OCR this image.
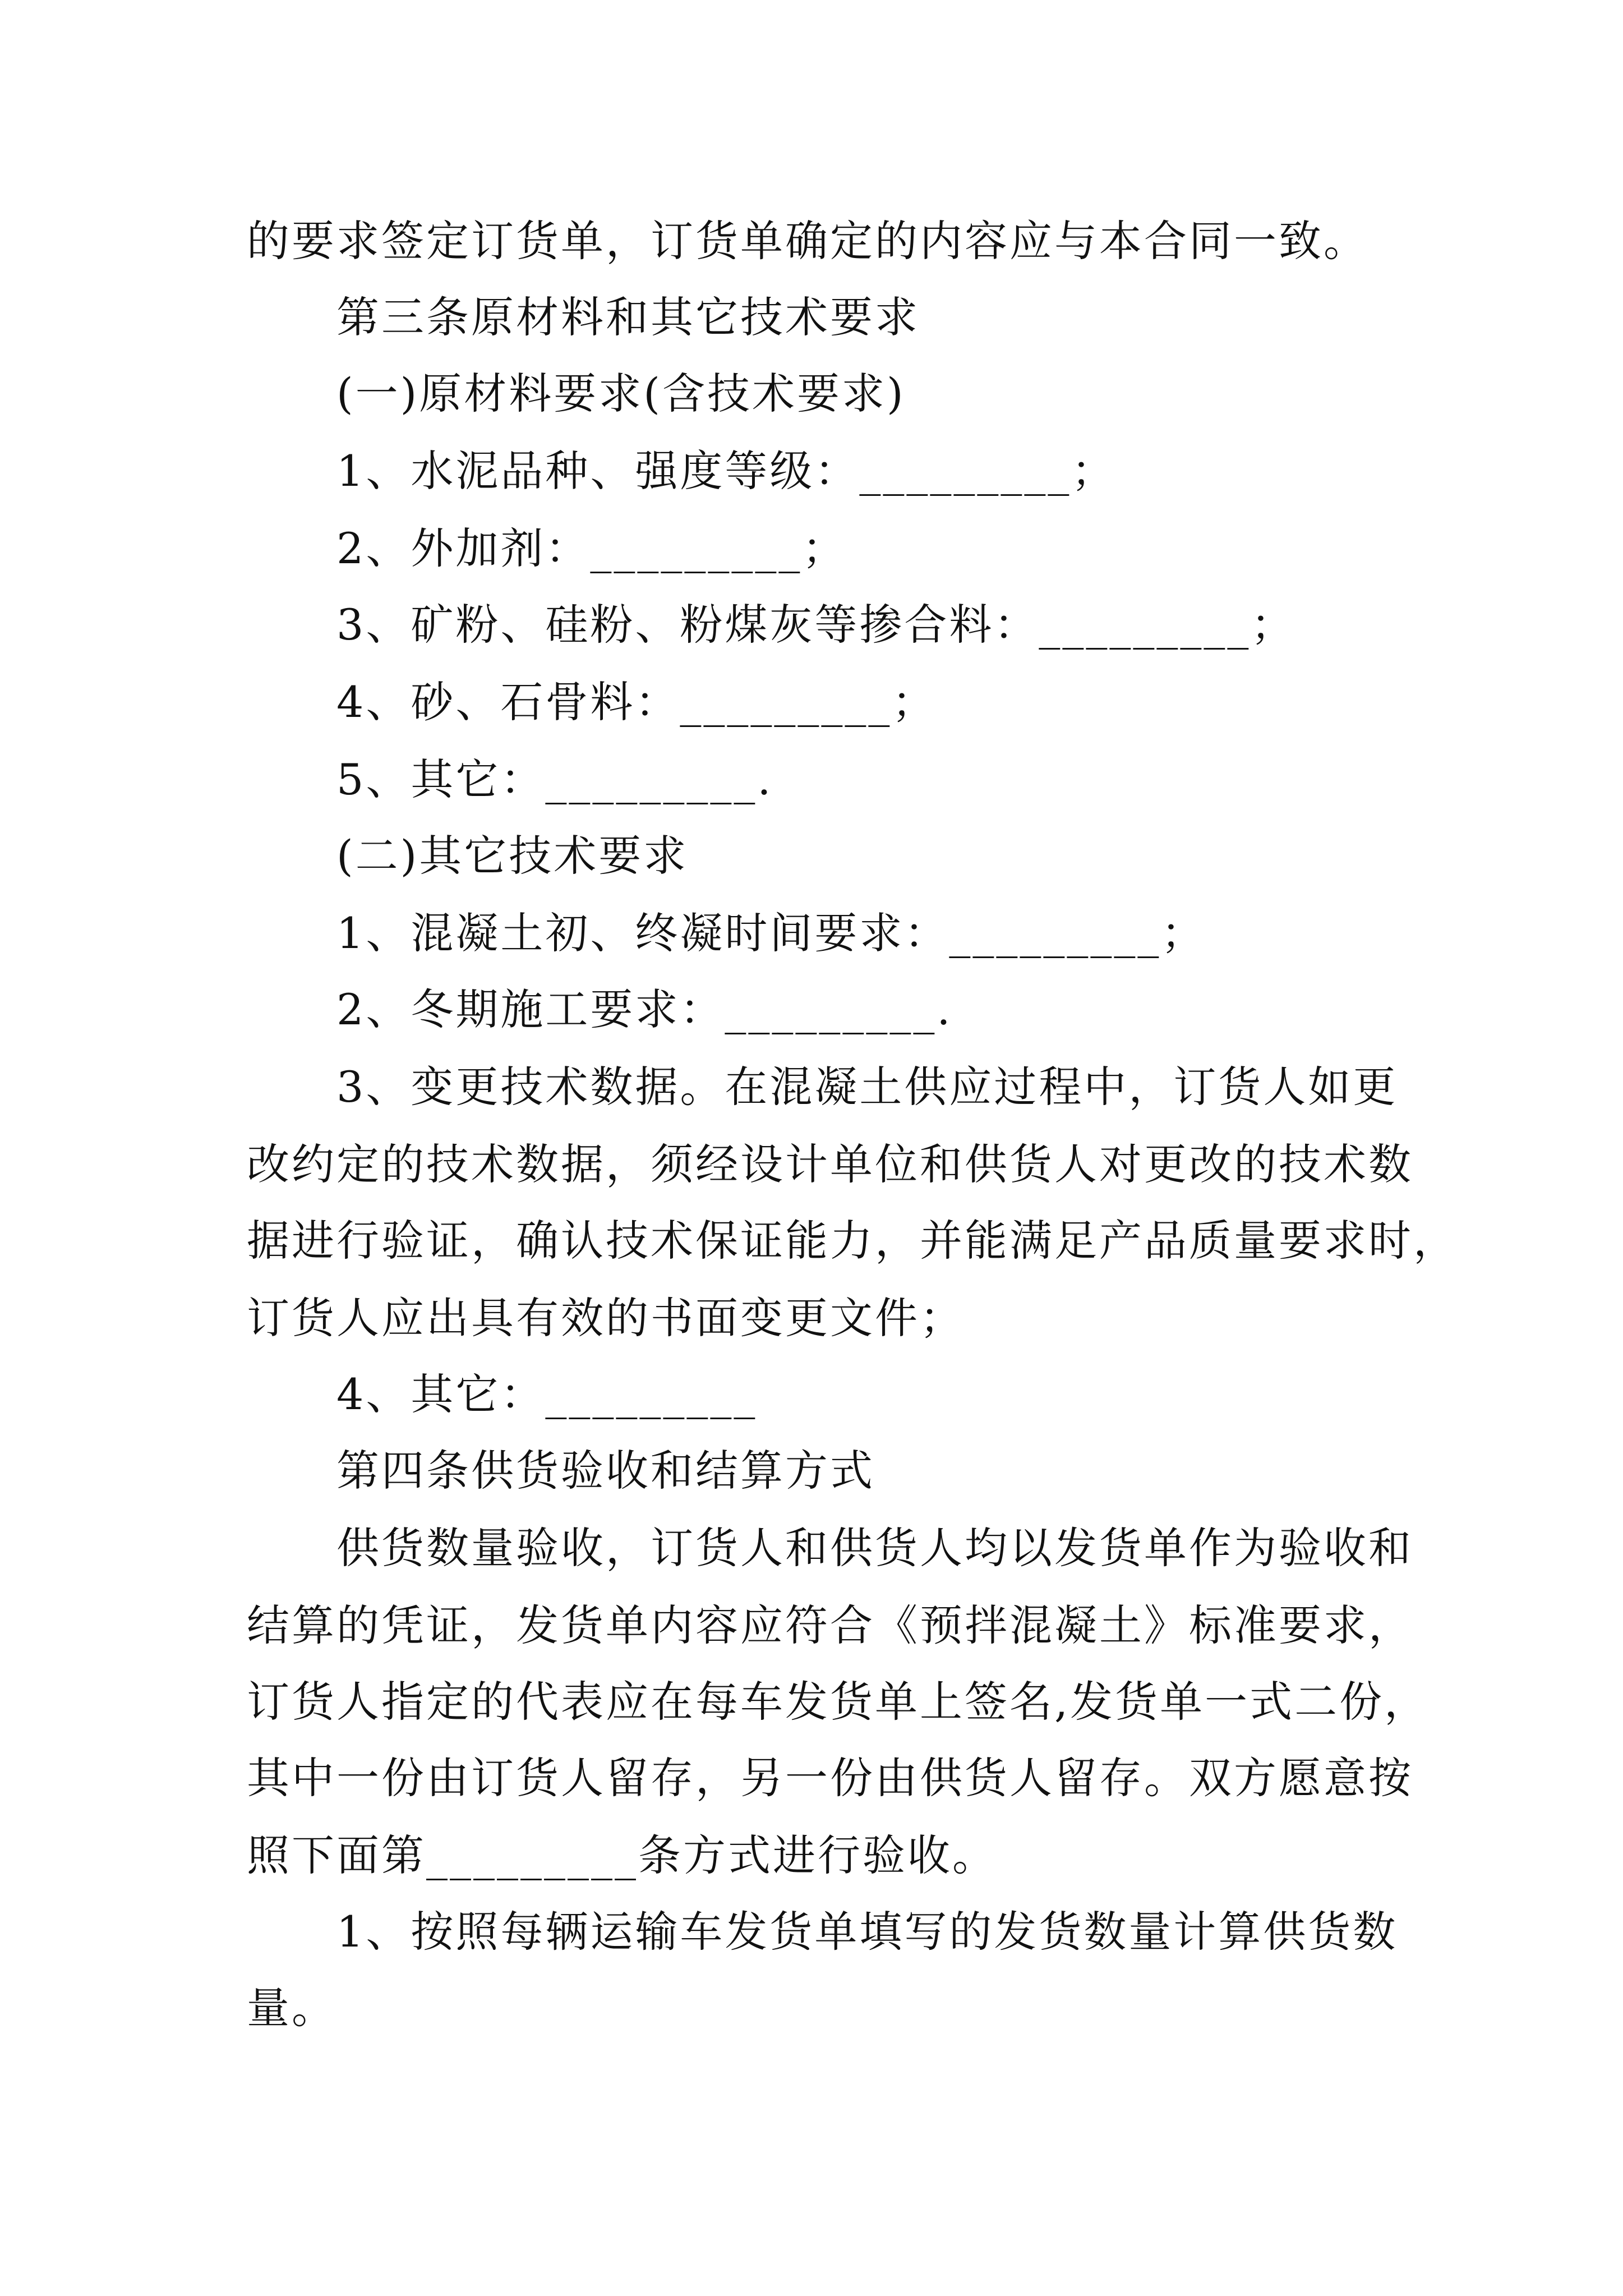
的要求签定订货单，订货单确定的内容应与本合同一致。
第三条原材料和其它技术要求
(一)原材料要求(含技术要求)
1、水泥品种、强度等级：_________；
2、外加剂：_________；
3、矿粉、硅粉、粉煤灰等掺合料：_________；
4、砂、石骨料：_________；
5、其它：_________.
(二)其它技术要求
1、混凝土初、终凝时间要求：_________；
2、冬期施工要求：_________.
3、变更技术数据。在混凝土供应过程中，订货人如更
改约定的技术数据，须经设计单位和供货人对更改的技术数
据进行验证，确认技术保证能力，并能满足产品质量要求时，
订货人应出具有效的书面变更文件；
4、其它：_________
第四条供货验收和结算方式
供货数量验收，订货人和供货人均以发货单作为验收和
结算的凭证，发货单内容应符合《预拌混凝土》标准要求，
订货人指定的代表应在每车发货单上签名,发货单一式二份，
其中一份由订货人留存，另一份由供货人留存。双方愿意按
照下面第_________条方式进行验收。
1、按照每辆运输车发货单填写的发货数量计算供货数
量。
